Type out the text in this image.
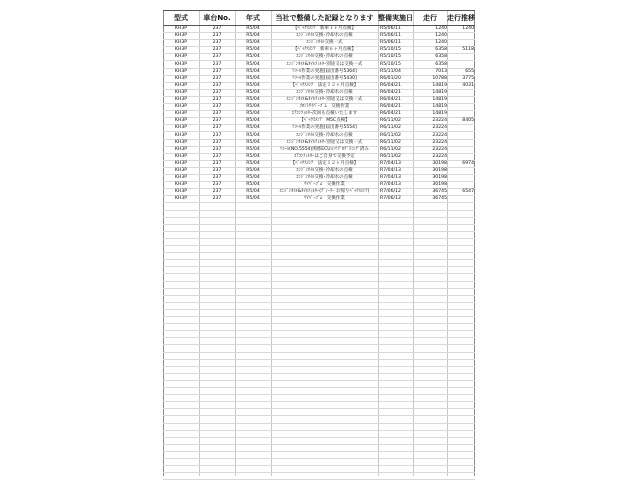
型式	車台No.	年式	当社で整備した記録となります 整備実施日	走行	走行推移
KH3P	237	R5/04	【ﾍﾞｯｸｽﾒﾝﾃ　新車１ヶ月点検】	R5/06/11	1240	1240
KH3P	237	R5/04	ｴﾝｼﾞﾝｵｲﾙ交換･冷却水の点検	R5/06/11	1240
KH3P	237	R5/04	ｴﾝｼﾞﾝｵｲﾙ交換一式	R5/06/11	1240
KH3P	237	R5/04	【ﾍﾞｯｸｽﾒﾝﾃ　新車６ヶ月点検】	R5/10/15	6358	5118
KH3P	237	R5/04	ｴﾝｼﾞﾝｵｲﾙ交換･冷却水の点検	R5/10/15	6358
KH3P	237	R5/04	ｴﾝｼﾞﾝｵｲﾙ&ｵｲﾙﾌｨﾙﾀｰ別途又は交換一式	R5/10/15	6358
KH3P	237	R5/04	ﾘｺｰﾙ作業の実施[届出番号5364]	R5/11/04	7013	655
KH3P	237	R5/04	ﾘｺｰﾙ作業の実施[届出番号5430]	R6/01/20	10788	3775
KH3P	237	R5/04	【ﾍﾞｯｸｽﾒﾝﾃ　法定１２ヶ月点検】	R6/04/21	14819	4031
KH3P	237	R5/04	ｴﾝｼﾞﾝｵｲﾙ交換･冷却水の点検	R6/04/21	14819
KH3P	237	R5/04	ｴﾝｼﾞﾝｵｲﾙ&ｵｲﾙﾌｨﾙﾀｰ別途又は交換一式	R6/04/21	14819
KH3P	237	R5/04	ﾌﾛﾝﾄﾜｲﾊﾟｰｺﾞﾑ　交換作業	R6/04/21	14819
KH3P	237	R5/04	ｴｱｺﾝﾌｨﾙﾀｰ次回も点検いたします	R6/04/21	14819
KH3P	237	R5/04	【ﾍﾞｯｸｽﾒﾝﾃ　M5C点検】	R6/11/02	23224	8405
KH3P	237	R5/04	ﾘｺｰﾙ作業の実施[届出番号5554]	R6/11/02	23224
KH3P	237	R5/04	ｴﾝｼﾞﾝｵｲﾙ交換･冷却水の点検	R6/11/02	23224
KH3P	237	R5/04	ｴﾝｼﾞﾝｵｲﾙ&ｵｲﾙﾌｨﾙﾀｰ別途又は交換一式	R6/11/02	23224
KH3P	237	R5/04	ﾘｺｰﾙ(NO.5554)関係ECUのﾘﾌﾟﾛｸﾞﾗﾐﾝｸﾞ済み	R6/11/02	23224
KH3P	237	R5/04	ｴｱｺﾝﾌｨﾙﾀｰはご自身で交換予定	R6/11/02	23224
KH3P	237	R5/04	【ﾍﾞｯｸｽﾒﾝﾃ　法定１２ヶ月点検】	R7/04/13	30198	6974
KH3P	237	R5/04	ｴﾝｼﾞﾝｵｲﾙ交換･冷却水の点検	R7/04/13	30198
KH3P	237	R5/04	ｴﾝｼﾞﾝｵｲﾙ交換･冷却水の点検	R7/04/13	30198
KH3P	237	R5/04	ﾜｲﾊﾟｰｺﾞﾑ　交換作業	R7/04/13	30198
KH3P	237	R5/04	ｴﾝｼﾞﾝｵｲﾙ&ｵｲﾙﾌｨﾙﾀｰ(ﾃﾞｨｰﾗｰ お帰りﾍﾞｯｸｽﾒﾝﾃ)	R7/06/12	36745	6547
KH3P	237	R5/04	ﾜｲﾊﾟｰｺﾞﾑ　交換作業	R7/06/12	36745
